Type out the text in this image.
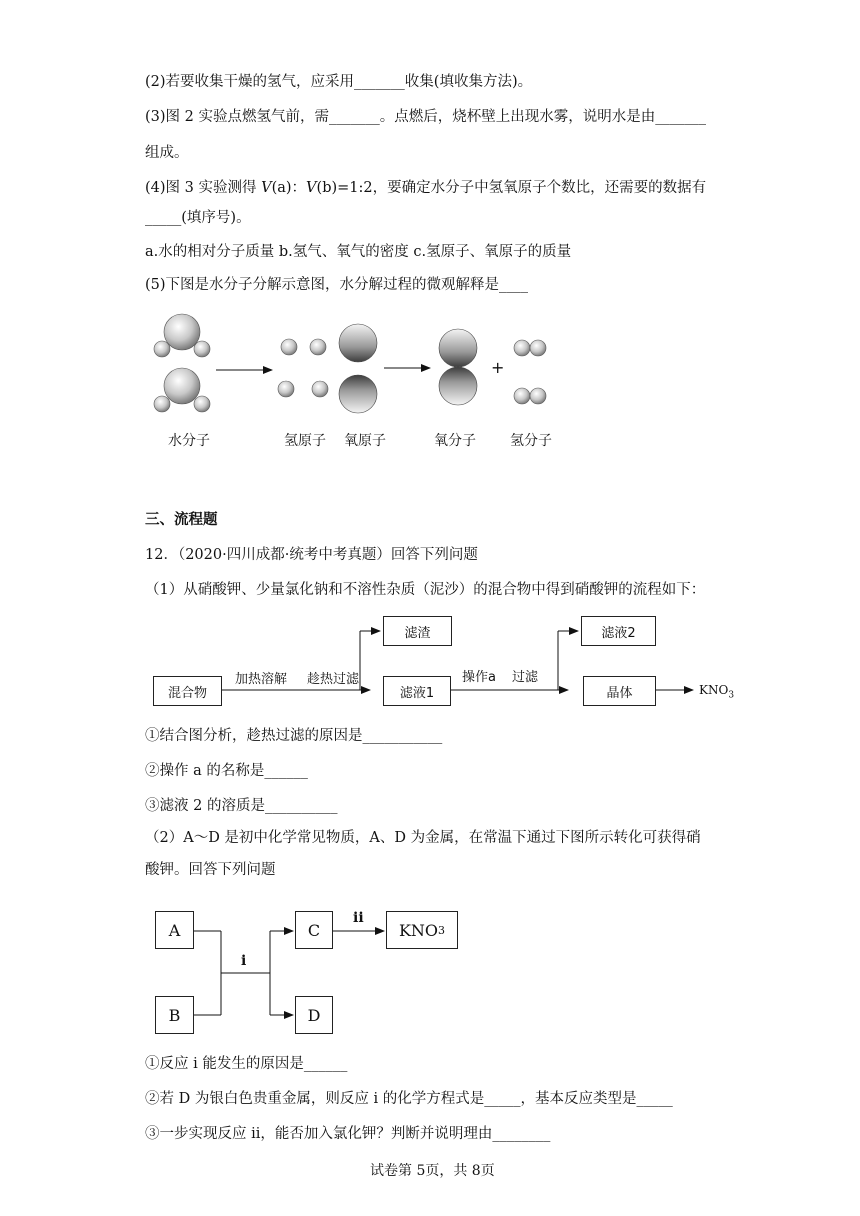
(2)若要收集干燥的氢气，应采用_______收集(填收集方法)。
(3)图 2 实验点燃氢气前，需_______。点燃后，烧杯壁上出现水雾，说明水是由_______
组成。
(4)图 3 实验测得 V(a)：V(b)=1:2，要确定水分子中氢氧原子个数比，还需要的数据有
_____(填序号)。
a.水的相对分子质量 b.氢气、氧气的密度 c.氢原子、氧原子的质量
(5)下图是水分子分解示意图，水分解过程的微观解释是____
水分子	氢原子 氧原子	氧分子 氢分子
+
三、流程题
12．（2020·四川成都·统考中考真题）回答下列问题
（1）从硝酸钾、少量氯化钠和不溶性杂质（泥沙）的混合物中得到硝酸钾的流程如下：
混合物
加热溶解 趁热过滤
滤渣
滤液1
操作a 过滤
滤液2
晶体	$KNO_3$
①结合图分析，趁热过滤的原因是___________
②操作 a 的名称是______
③滤液 2 的溶质是__________
（2）A～D 是初中化学常见物质，A、D 为金属，在常温下通过下图所示转化可获得硝
酸钾。回答下列问题
A
B
C
D
KNO 3
i
ii
①反应 i 能发生的原因是______
②若 D 为银白色贵重金属，则反应 i 的化学方程式是_____，基本反应类型是_____
③一步实现反应 ii，能否加入氯化钾？判断并说明理由________
试卷第 5页，共 8页
